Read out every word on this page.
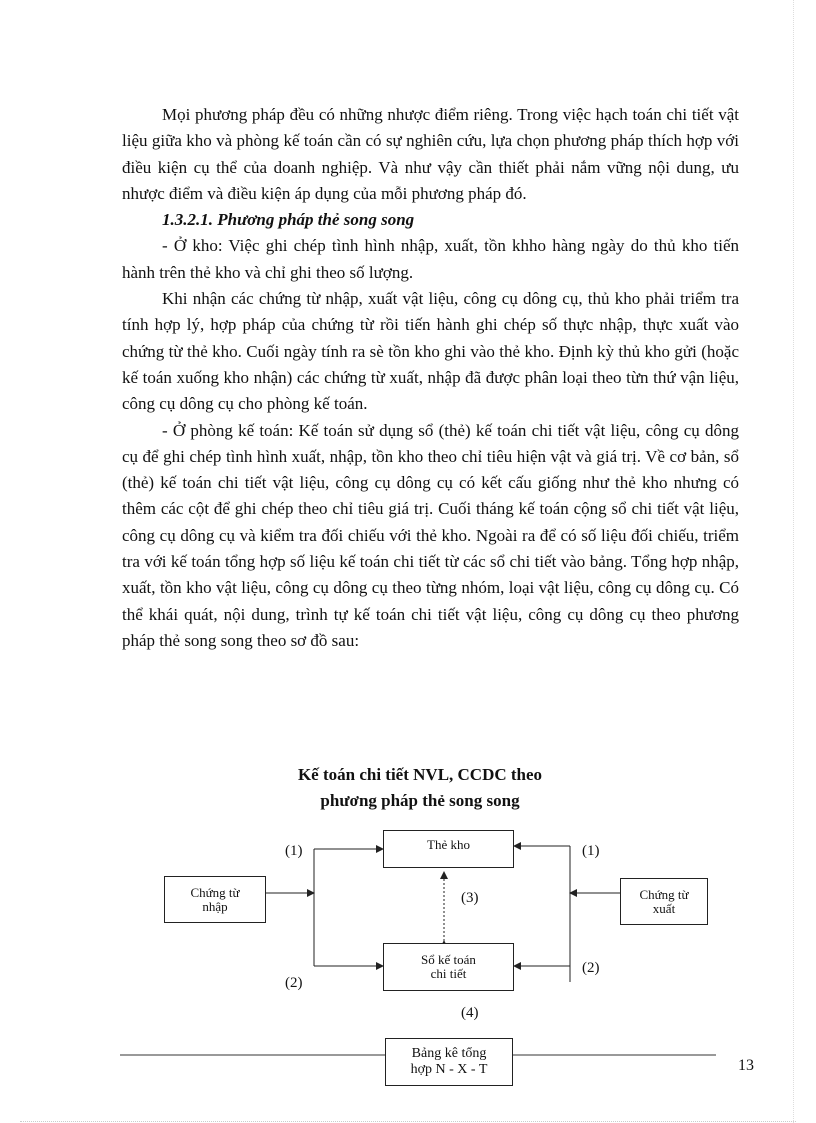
Mọi phương pháp đều có những nhược điểm riêng. Trong việc hạch toán chi tiết vật liệu giữa kho và phòng kế toán cần có sự nghiên cứu, lựa chọn phương pháp thích hợp với điều kiện cụ thể của doanh nghiệp. Và như vậy cần thiết phải nắm vững nội dung, ưu nhược điểm và điều kiện áp dụng của mỗi phương pháp đó.

1.3.2.1. Phương pháp thẻ song song

- Ở kho: Việc ghi chép tình hình nhập, xuất, tồn khho hàng ngày do thủ kho tiến hành trên thẻ kho và chỉ ghi theo số lượng.

Khi nhận các chứng từ nhập, xuất vật liệu, công cụ dông cụ, thủ kho phải triểm tra tính hợp lý, hợp pháp của chứng từ rồi tiến hành ghi chép số thực nhập, thực xuất vào chứng từ thẻ kho. Cuối ngày tính ra sè tồn kho ghi vào thẻ kho. Định kỳ thủ kho gửi (hoặc kế toán xuống kho nhận) các chứng từ xuất, nhập đã được phân loại theo từn thứ vận liệu, công cụ dông cụ cho phòng kế toán.

- Ở phòng kế toán: Kế toán sử dụng sổ (thẻ) kế toán chi tiết vật liệu, công cụ dông cụ để ghi chép tình hình xuất, nhập, tồn kho theo chỉ tiêu hiện vật và giá trị. Về cơ bản, sổ (thẻ) kế toán chi tiết vật liệu, công cụ dông cụ có kết cấu giống như thẻ kho nhưng có thêm các cột để ghi chép theo chỉ tiêu giá trị. Cuối tháng kế toán cộng sổ chi tiết vật liệu, công cụ dông cụ và kiểm tra đối chiếu với thẻ kho. Ngoài ra để có số liệu đối chiếu, triểm tra với kế toán tổng hợp số liệu kế toán chi tiết từ các sổ chi tiết vào bảng. Tổng hợp nhập, xuất, tồn kho vật liệu, công cụ dông cụ theo từng nhóm, loại vật liệu, công cụ dông cụ. Có thể khái quát, nội dung, trình tự kế toán chi tiết vật liệu, công cụ dông cụ theo phương pháp thẻ song song theo sơ đồ sau:

Kế toán chi tiết NVL, CCDC theo
phương pháp thẻ song song
Thẻ kho
Chứng từ
nhập
Chứng từ
xuất
Sổ kế toán
chi tiết
Bảng kê tổng
hợp N - X - T
(1)	(1)
(3)
(2)
(2)
(4)
13
